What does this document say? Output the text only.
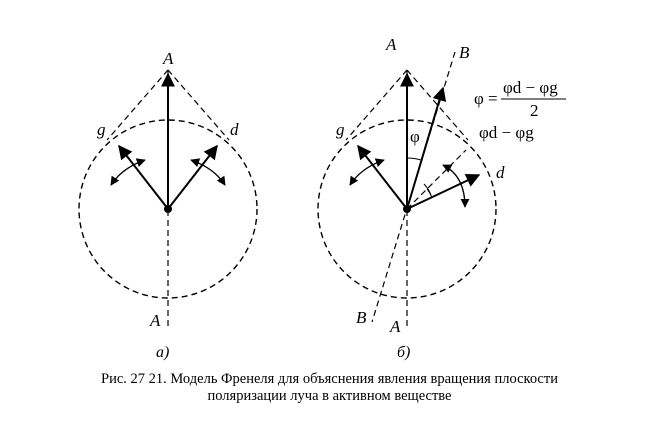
A
g	d
A
а)
A	B
g
d
φ
φ =
φd − φg
2
φd − φg
B A
б)
Рис. 27 21. Модель Френеля для объяснения явления вращения плоскости
поляризации луча в активном веществе
